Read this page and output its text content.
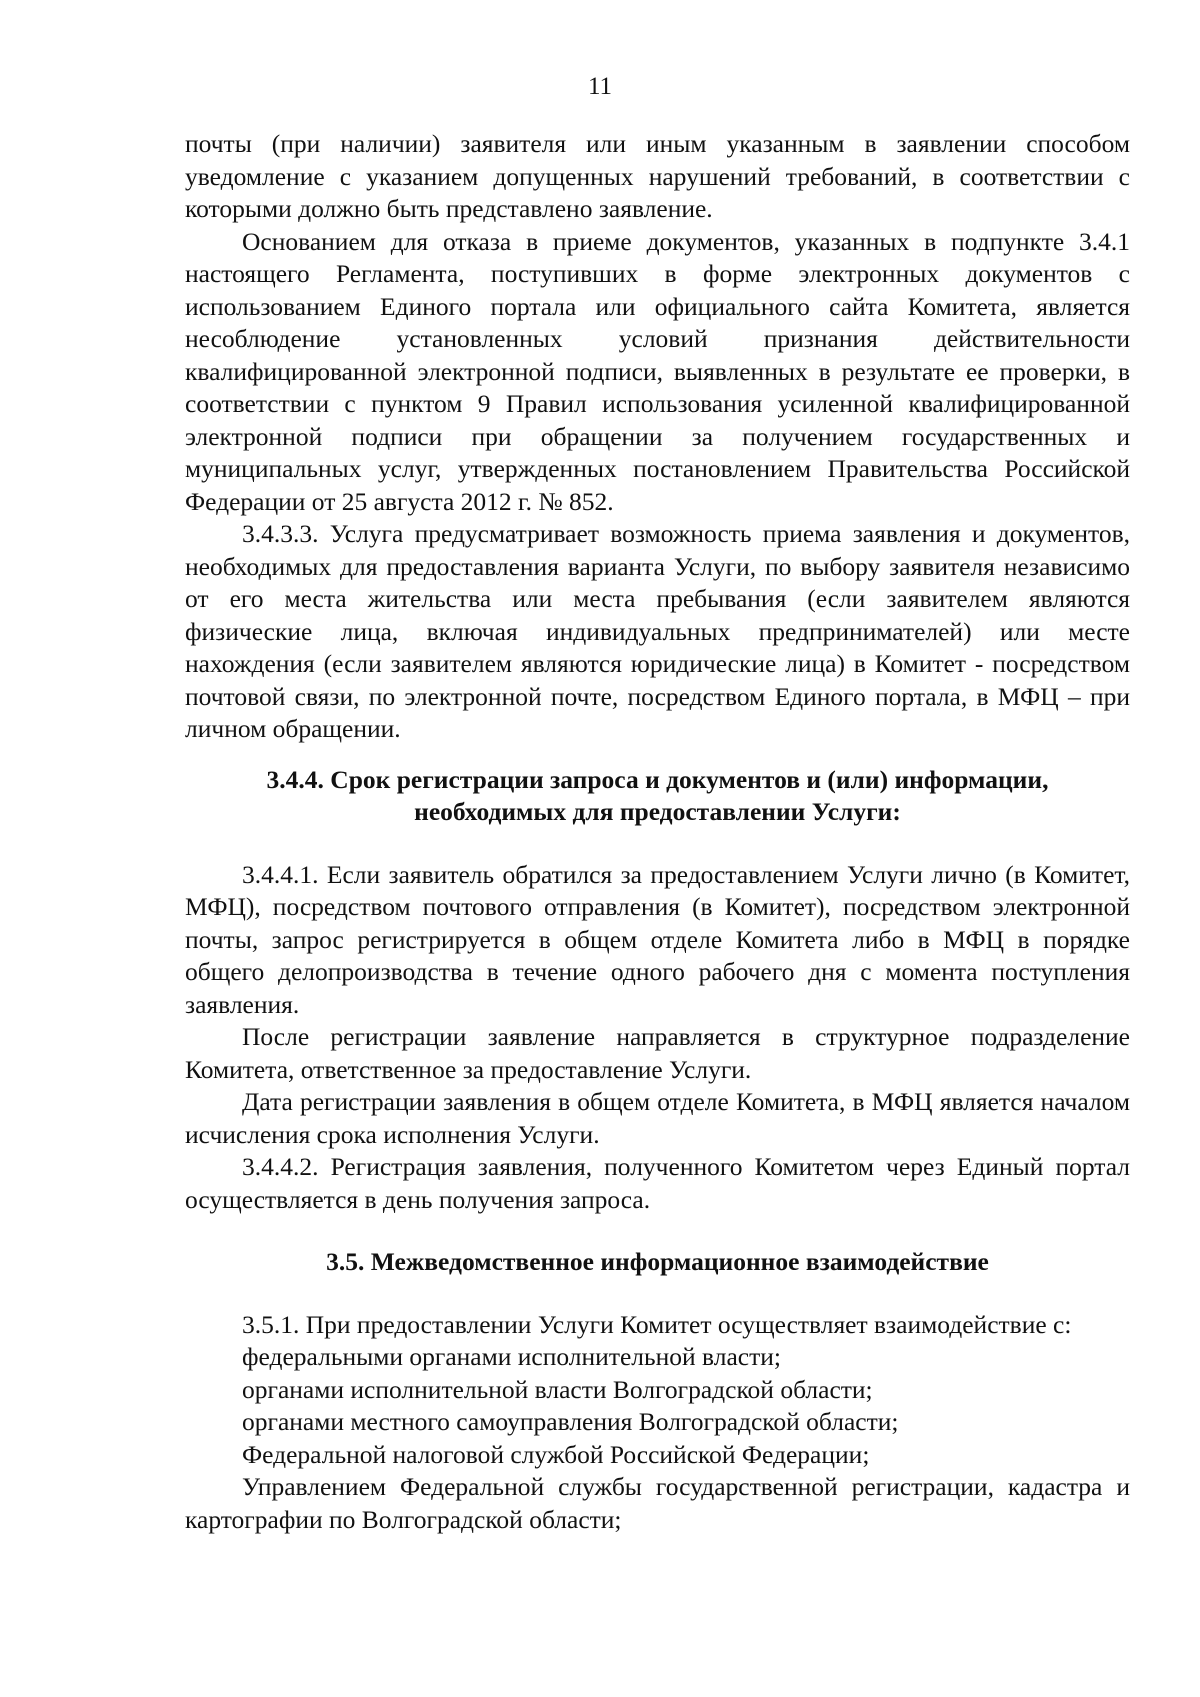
11

почты (при наличии) заявителя или иным указанным в заявлении способом уведомление с указанием допущенных нарушений требований, в соответствии с которыми должно быть представлено заявление.

Основанием для отказа в приеме документов, указанных в подпункте 3.4.1 настоящего Регламента, поступивших в форме электронных документов с использованием Единого портала или официального сайта Комитета, является несоблюдение установленных условий признания действительности квалифицированной электронной подписи, выявленных в результате ее проверки, в соответствии с пунктом 9 Правил использования усиленной квалифицированной электронной подписи при обращении за получением государственных и муниципальных услуг, утвержденных постановлением Правительства Российской Федерации от 25 августа 2012 г. № 852.

3.4.3.3. Услуга предусматривает возможность приема заявления и документов, необходимых для предоставления варианта Услуги, по выбору заявителя независимо от его места жительства или места пребывания (если заявителем являются физические лица, включая индивидуальных предпринимателей) или месте нахождения (если заявителем являются юридические лица) в Комитет - посредством почтовой связи, по электронной почте, посредством Единого портала, в МФЦ – при личном обращении.

3.4.4. Срок регистрации запроса и документов и (или) информации,

необходимых для предоставлении Услуги:

3.4.4.1. Если заявитель обратился за предоставлением Услуги лично (в Комитет, МФЦ), посредством почтового отправления (в Комитет), посредством электронной почты, запрос регистрируется в общем отделе Комитета либо в МФЦ в порядке общего делопроизводства в течение одного рабочего дня с момента поступления заявления.

После регистрации заявление направляется в структурное подразделение Комитета, ответственное за предоставление Услуги.

Дата регистрации заявления в общем отделе Комитета, в МФЦ является началом исчисления срока исполнения Услуги.

3.4.4.2. Регистрация заявления, полученного Комитетом через Единый портал осуществляется в день получения запроса.

3.5. Межведомственное информационное взаимодействие

3.5.1. При предоставлении Услуги Комитет осуществляет взаимодействие с:

федеральными органами исполнительной власти;

органами исполнительной власти Волгоградской области;

органами местного самоуправления Волгоградской области;

Федеральной налоговой службой Российской Федерации;

Управлением Федеральной службы государственной регистрации, кадастра и картографии по Волгоградской области;
